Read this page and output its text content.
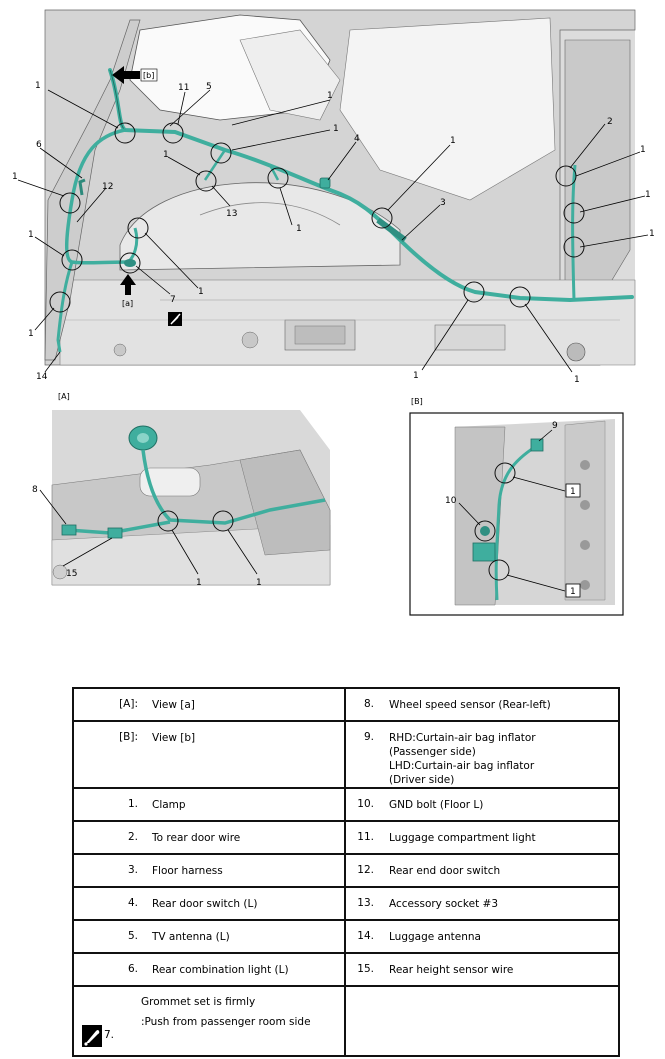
[b]
[a]
1	11 5
1
1
4	1
3
6
1
12
1
13
1
1
1
7
1
14	1	1
2
1
1
1
[A]
8
15
1	1
[B]
9
10
1
1
[A]: View [a]	8. Wheel speed sensor (Rear-left)

[B]: View [b]	9. RHD:Curtain-air bag inflator
(Passenger side)
LHD:Curtain-air bag inflator
(Driver side)

1. Clamp	10. GND bolt (Floor L)

2. To rear door wire	11. Luggage compartment light

3. Floor harness	12. Rear end door switch

4. Rear door switch (L)	13. Accessory socket #3

5. TV antenna (L)	14. Luggage antenna

6. Rear combination light (L)	15. Rear height sensor wire

7.
Grommet set is firmly
:Push from passenger room side	
